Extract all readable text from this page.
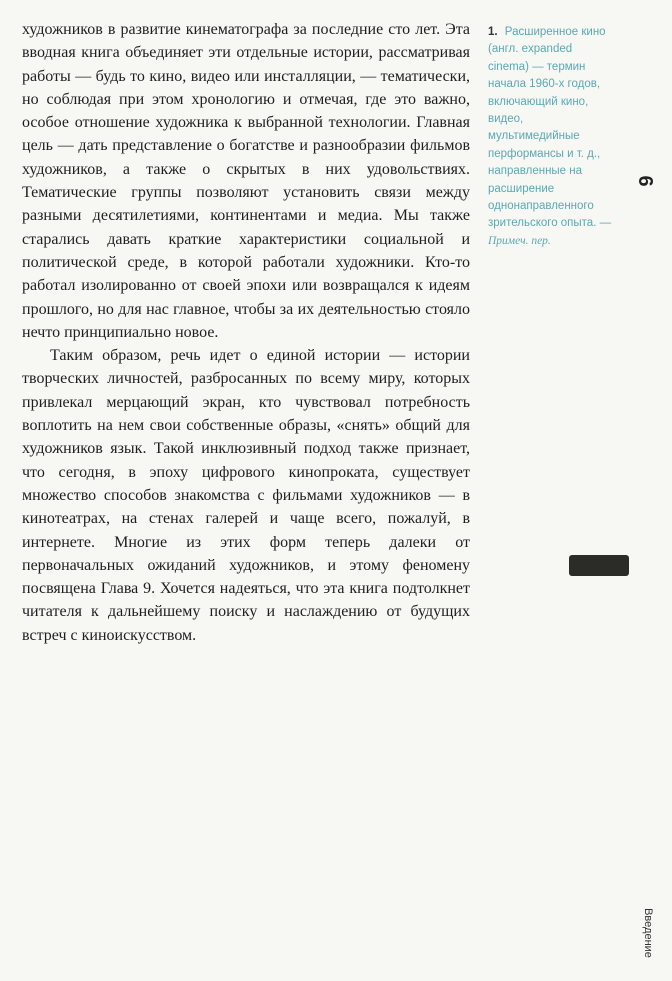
художников в развитие кинематографа за последние сто лет. Эта вводная книга объединяет эти отдельные истории, рассматривая работы — будь то кино, видео или инсталляции, — тематически, но соблюдая при этом хронологию и отмечая, где это важно, особое отношение художника к выбранной технологии. Главная цель — дать представление о богатстве и разнообразии фильмов художников, а также о скрытых в них удовольствиях. Тематические группы позволяют установить связи между разными десятилетиями, континентами и медиа. Мы также старались давать краткие характеристики социальной и политической среде, в которой работали художники. Кто-то работал изолированно от своей эпохи или возвращался к идеям прошлого, но для нас главное, чтобы за их деятельностью стояло нечто принципиально новое.

Таким образом, речь идет о единой истории — истории творческих личностей, разбросанных по всему миру, которых привлекал мерцающий экран, кто чувствовал потребность воплотить на нем свои собственные образы, «снять» общий для художников язык. Такой инклюзивный подход также признает, что сегодня, в эпоху цифрового кинопроката, существует множество способов знакомства с фильмами художников — в кинотеатрах, на стенах галерей и чаще всего, пожалуй, в интернете. Многие из этих форм теперь далеки от первоначальных ожиданий художников, и этому феномену посвящена Глава 9. Хочется надеяться, что эта книга подтолкнет читателя к дальнейшему поиску и наслаждению от будущих встреч с киноискусством.

1. Расширенное кино (англ. expanded cinema) — термин начала 1960-х годов, включающий кино, видео, мультимедийные перформансы и т. д., направленные на расширение однонаправленного зрительского опыта. — Примеч. пер.
6
Введение
